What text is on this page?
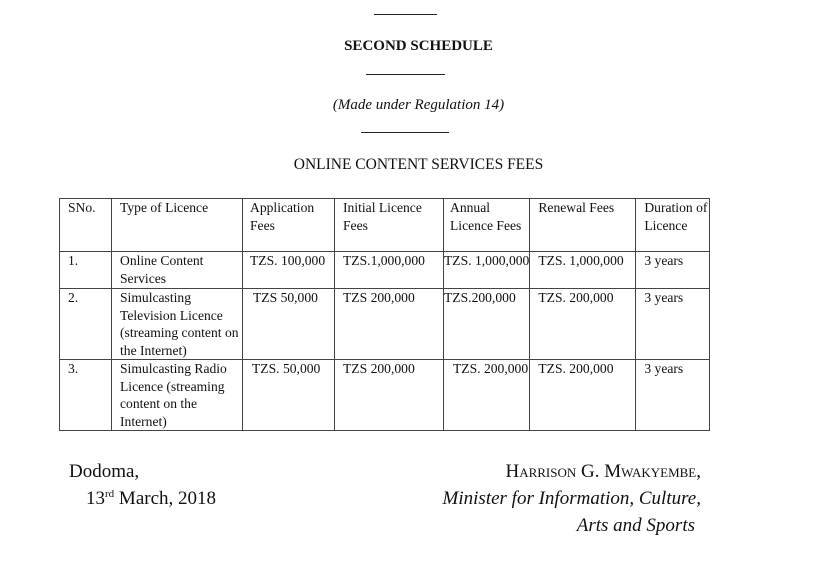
SECOND SCHEDULE
(Made under Regulation 14)
ONLINE CONTENT SERVICES FEES
SNo.	Type of Licence	Application Fees	Initial Licence Fees	Annual Licence Fees	Renewal Fees	Duration of Licence
1.	Online Content Services	TZS. 100,000	TZS.1,000,000	TZS. 1,000,000	TZS. 1,000,000	3 years
2.	Simulcasting Television Licence (streaming content on the Internet)	TZS 50,000	TZS 200,000	TZS.200,000	TZS. 200,000	3 years
3.	Simulcasting Radio Licence (streaming content on the Internet)	TZS. 50,000	TZS 200,000	TZS. 200,000	TZS. 200,000	3 years
Dodoma,
13rd March, 2018
Harrison G. Mwakyembe,
Minister for Information, Culture,
Arts and Sports
